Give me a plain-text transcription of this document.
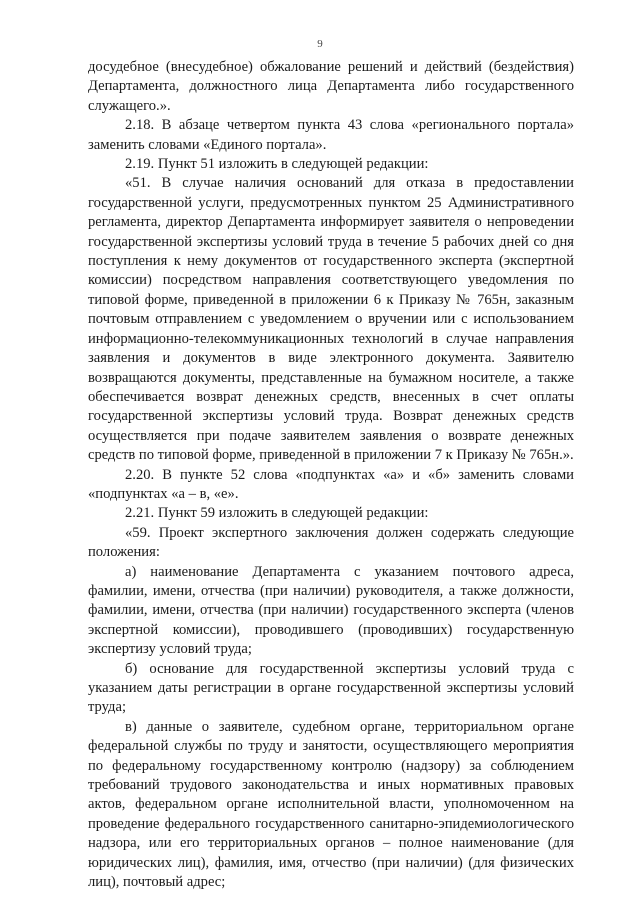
9

досудебное (внесудебное) обжалование решений и действий (бездействия) Департамента, должностного лица Департамента либо государственного служащего.».

2.18. В абзаце четвертом пункта 43 слова «регионального портала» заменить словами «Единого портала».

2.19. Пункт 51 изложить в следующей редакции:

«51. В случае наличия оснований для отказа в предоставлении государственной услуги, предусмотренных пунктом 25 Административного регламента, директор Департамента информирует заявителя о непроведении государственной экспертизы условий труда в течение 5 рабочих дней со дня поступления к нему документов от государственного эксперта (экспертной комиссии) посредством направления соответствующего уведомления по типовой форме, приведенной в приложении 6 к Приказу № 765н, заказным почтовым отправлением с уведомлением о вручении или с использованием информационно-телекоммуникационных технологий в случае направления заявления и документов в виде электронного документа. Заявителю возвращаются документы, представленные на бумажном носителе, а также обеспечивается возврат денежных средств, внесенных в счет оплаты государственной экспертизы условий труда. Возврат денежных средств осуществляется при подаче заявителем заявления о возврате денежных средств по типовой форме, приведенной в приложении 7 к Приказу № 765н.».

2.20. В пункте 52 слова «подпунктах «а» и «б» заменить словами «подпунктах «а – в, «е».

2.21. Пункт 59 изложить в следующей редакции:

«59. Проект экспертного заключения должен содержать следующие положения:

а) наименование Департамента с указанием почтового адреса, фамилии, имени, отчества (при наличии) руководителя, а также должности, фамилии, имени, отчества (при наличии) государственного эксперта (членов экспертной комиссии), проводившего (проводивших) государственную экспертизу условий труда;

б) основание для государственной экспертизы условий труда с указанием даты регистрации в органе государственной экспертизы условий труда;

в) данные о заявителе, судебном органе, территориальном органе федеральной службы по труду и занятости, осуществляющего мероприятия по федеральному государственному контролю (надзору) за соблюдением требований трудового законодательства и иных нормативных правовых актов, федеральном органе исполнительной власти, уполномоченном на проведение федерального государственного санитарно-эпидемиологического надзора, или его территориальных органов – полное наименование (для юридических лиц), фамилия, имя, отчество (при наличии) (для физических лиц), почтовый адрес;
